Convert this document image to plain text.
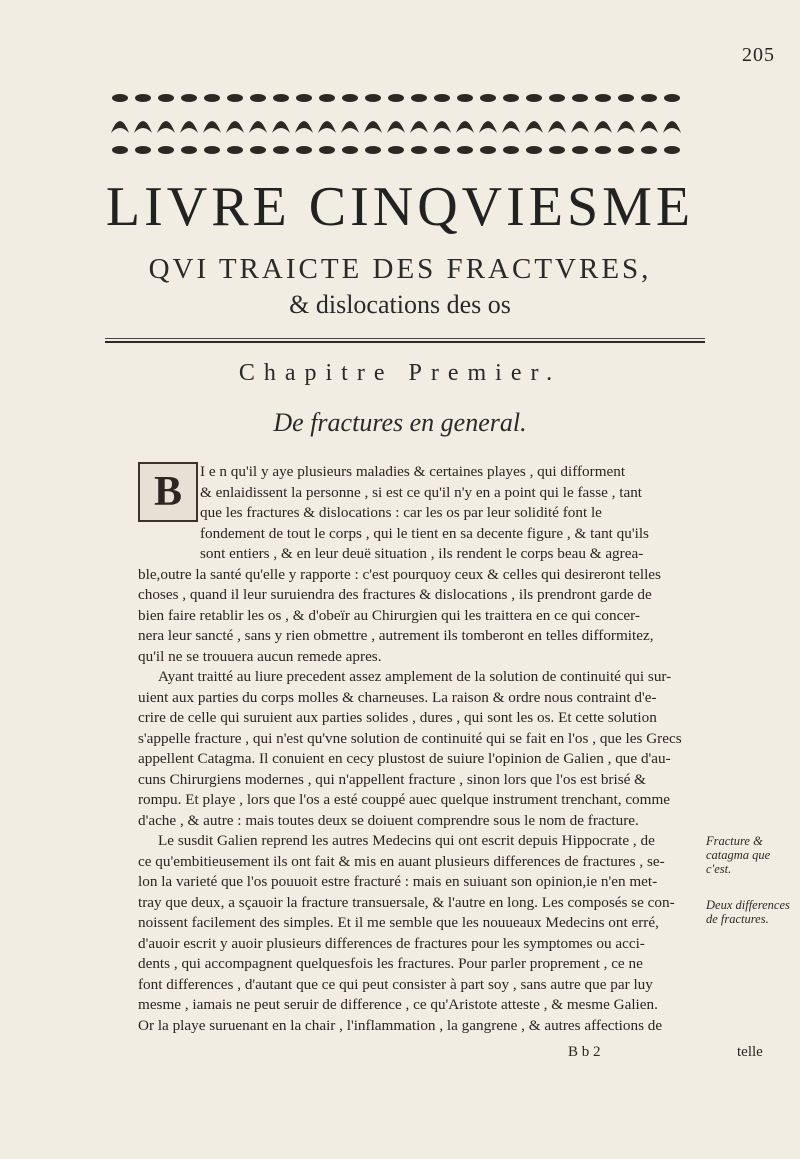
205
LIVRE CINQVIESME
QVI TRAICTE DES FRACTVRES,
& dislocations des os
Chapitre Premier.
De fractures en general.
B	I e n qu'il y aye plusieurs maladies & certaines playes , qui difforment
& enlaidissent la personne , si est ce qu'il n'y en a point qui le fasse , tant
que les fractures & dislocations : car les os par leur solidité font le
fondement de tout le corps , qui le tient en sa decente figure , & tant qu'ils
sont entiers , & en leur deuë situation , ils rendent le corps beau & agrea-
ble,outre la santé qu'elle y rapporte : c'est pourquoy ceux & celles qui desireront telles
choses , quand il leur suruiendra des fractures & dislocations , ils prendront garde de
bien faire retablir les os , & d'obeïr au Chirurgien qui les traittera en ce qui concer-
nera leur sancté , sans y rien obmettre , autrement ils tomberont en telles difformitez,
qu'il ne se trouuera aucun remede apres.
Ayant traitté au liure precedent assez amplement de la solution de continuité qui sur-
uient aux parties du corps molles & charneuses. La raison & ordre nous contraint d'e-
crire de celle qui suruient aux parties solides , dures , qui sont les os. Et cette solution
s'appelle fracture , qui n'est qu'vne solution de continuité qui se fait en l'os , que les Grecs
appellent Catagma. Il conuient en cecy plustost de suiure l'opinion de Galien , que d'au-
cuns Chirurgiens modernes , qui n'appellent fracture , sinon lors que l'os est brisé &
rompu. Et playe , lors que l'os a esté couppé auec quelque instrument trenchant, comme
d'ache , & autre : mais toutes deux se doiuent comprendre sous le nom de fracture.
Le susdit Galien reprend les autres Medecins qui ont escrit depuis Hippocrate , de
ce qu'embitieusement ils ont fait & mis en auant plusieurs differences de fractures , se-
lon la varieté que l'os pouuoit estre fracturé : mais en suiuant son opinion,ie n'en met-
tray que deux, a sçauoir la fracture transuersale, & l'autre en long. Les composés se con-
noissent facilement des simples. Et il me semble que les nouueaux Medecins ont erré,
d'auoir escrit y auoir plusieurs differences de fractures pour les symptomes ou acci-
dents , qui accompagnent quelquesfois les fractures. Pour parler proprement , ce ne
font differences , d'autant que ce qui peut consister à part soy , sans autre que par luy
mesme , iamais ne peut seruir de difference , ce qu'Aristote atteste , & mesme Galien.
Or la playe suruenant en la chair , l'inflammation , la gangrene , & autres affections de
Fracture & catagma que c'est.
Deux differences de fractures.
B b 2	telle
